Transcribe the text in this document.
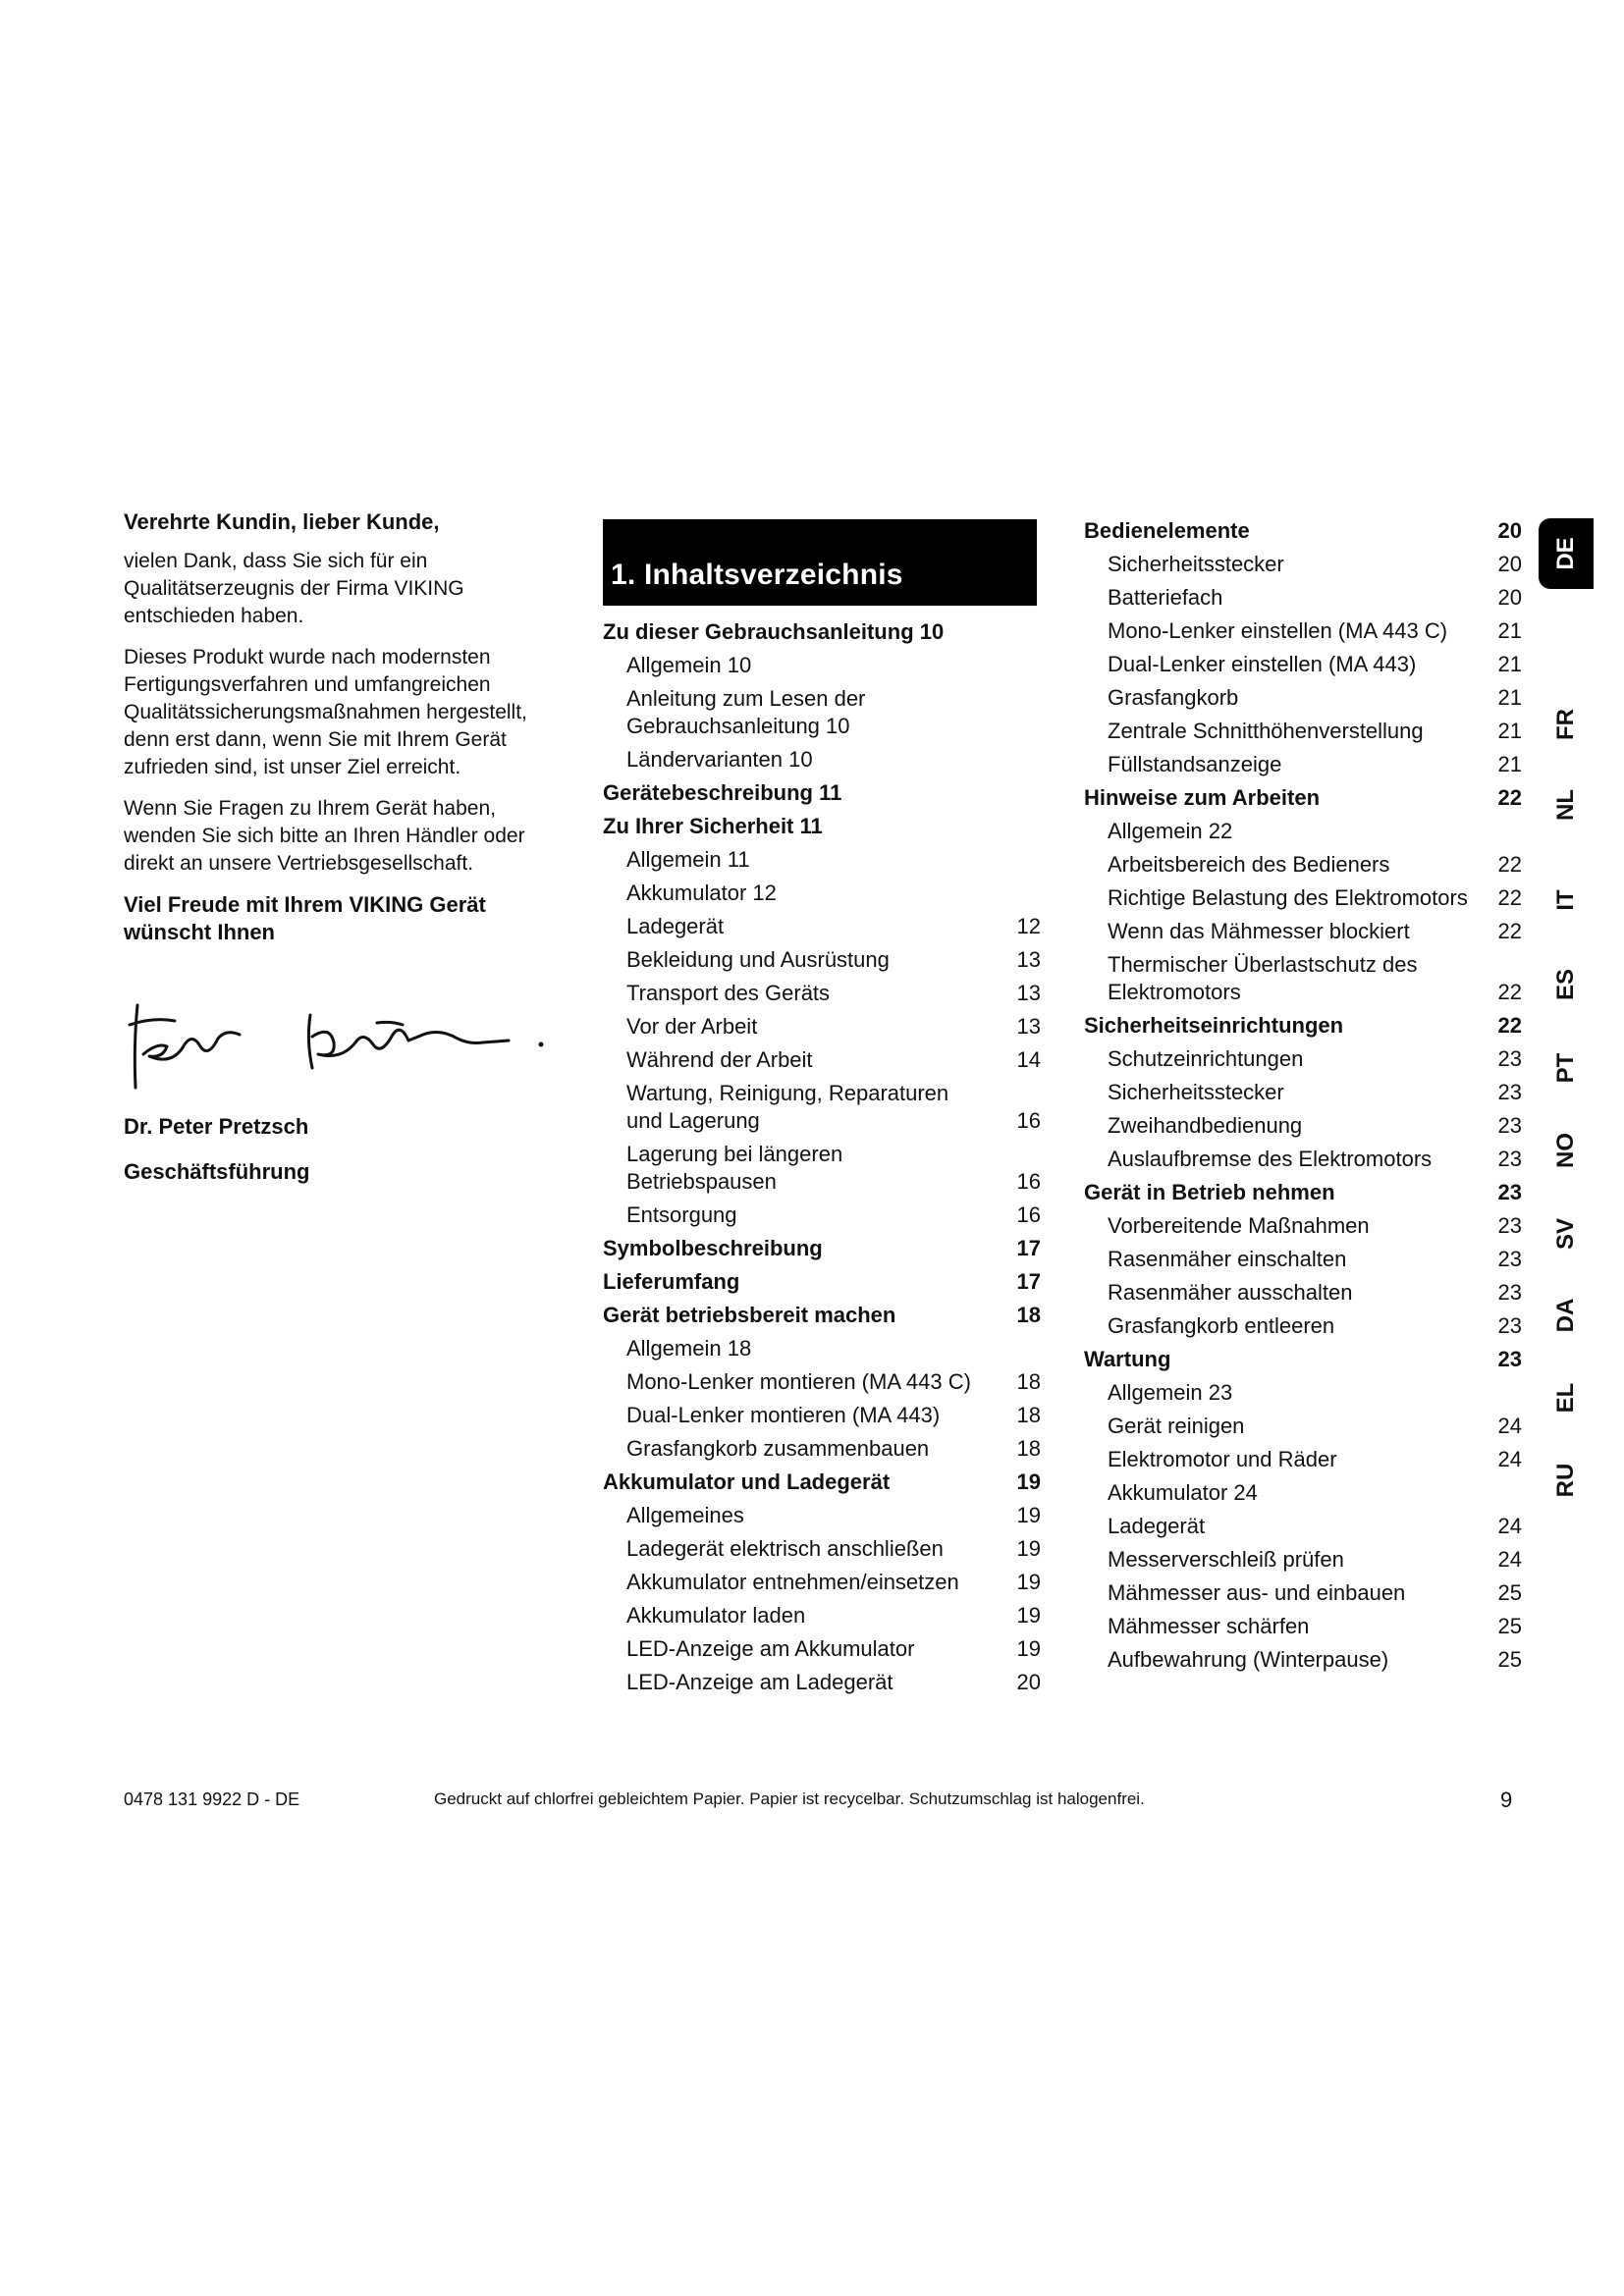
Verehrte Kundin, lieber Kunde,

vielen Dank, dass Sie sich für ein Qualitätserzeugnis der Firma VIKING entschieden haben.

Dieses Produkt wurde nach modernsten Fertigungsverfahren und umfangreichen Qualitätssicherungsmaßnahmen hergestellt, denn erst dann, wenn Sie mit Ihrem Gerät zufrieden sind, ist unser Ziel erreicht.

Wenn Sie Fragen zu Ihrem Gerät haben, wenden Sie sich bitte an Ihren Händler oder direkt an unsere Vertriebsgesellschaft.

Viel Freude mit Ihrem VIKING Gerät wünscht Ihnen
Dr. Peter Pretzsch
Geschäftsführung
1. Inhaltsverzeichnis
Zu dieser Gebrauchsanleitung 10
Allgemein 10
Anleitung zum Lesen der Gebrauchsanleitung 10
Ländervarianten 10
Gerätebeschreibung 11
Zu Ihrer Sicherheit 11
Allgemein 11
Akkumulator 12
Ladegerät	12
Bekleidung und Ausrüstung	13
Transport des Geräts	13
Vor der Arbeit	13
Während der Arbeit	14
Wartung, Reinigung, Reparaturen und Lagerung	16
Lagerung bei längeren Betriebspausen	16
Entsorgung	16
Symbolbeschreibung	17
Lieferumfang	17
Gerät betriebsbereit machen	18
Allgemein 18
Mono-Lenker montieren (MA 443 C)	18
Dual-Lenker montieren (MA 443)	18
Grasfangkorb zusammenbauen	18
Akkumulator und Ladegerät	19
Allgemeines	19
Ladegerät elektrisch anschließen	19
Akkumulator entnehmen/einsetzen	19
Akkumulator laden	19
LED-Anzeige am Akkumulator	19
LED-Anzeige am Ladegerät	20
Bedienelemente	20
Sicherheitsstecker	20
Batteriefach	20
Mono-Lenker einstellen (MA 443 C)	21
Dual-Lenker einstellen (MA 443)	21
Grasfangkorb	21
Zentrale Schnitthöhenverstellung	21
Füllstandsanzeige	21
Hinweise zum Arbeiten	22
Allgemein 22
Arbeitsbereich des Bedieners	22
Richtige Belastung des Elektromotors	22
Wenn das Mähmesser blockiert	22
Thermischer Überlastschutz des Elektromotors	22
Sicherheitseinrichtungen	22
Schutzeinrichtungen	23
Sicherheitsstecker	23
Zweihandbedienung	23
Auslaufbremse des Elektromotors	23
Gerät in Betrieb nehmen	23
Vorbereitende Maßnahmen	23
Rasenmäher einschalten	23
Rasenmäher ausschalten	23
Grasfangkorb entleeren	23
Wartung	23
Allgemein 23
Gerät reinigen	24
Elektromotor und Räder	24
Akkumulator 24
Ladegerät	24
Messerverschleiß prüfen	24
Mähmesser aus- und einbauen	25
Mähmesser schärfen	25
Aufbewahrung (Winterpause)	25
DE
FR
NL
IT
ES
PT
NO
SV
DA
EL
RU
0478 131 9922 D - DE	Gedruckt auf chlorfrei gebleichtem Papier. Papier ist recycelbar. Schutzumschlag ist halogenfrei.	9
